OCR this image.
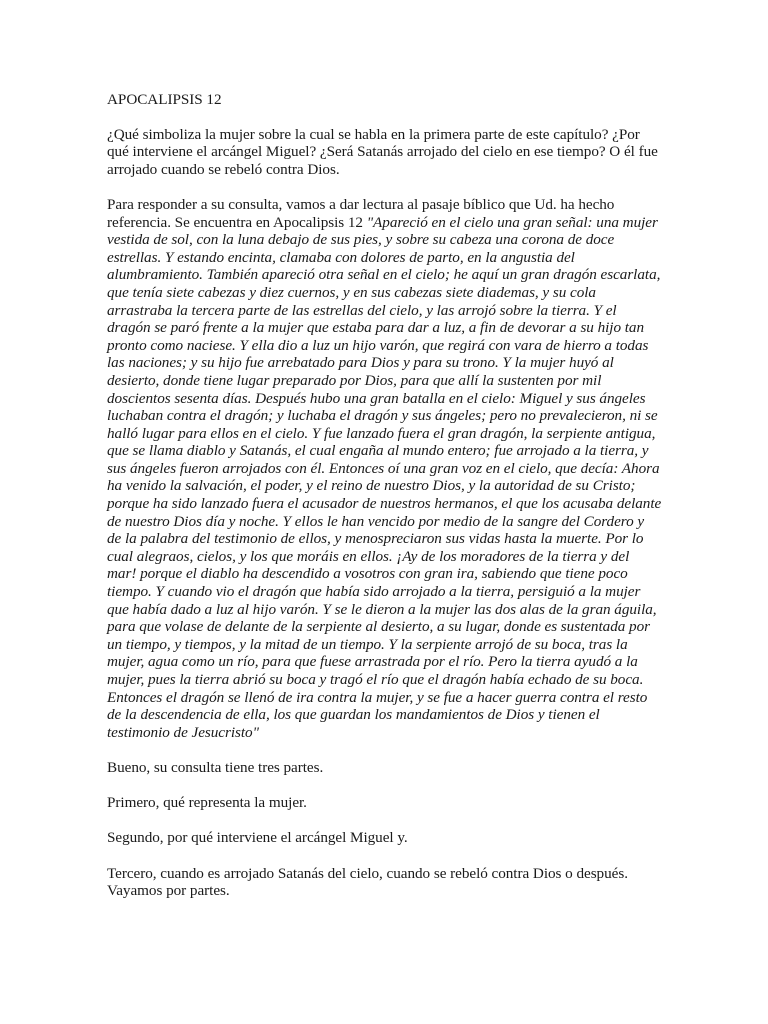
APOCALIPSIS 12

¿Qué simboliza la mujer sobre la cual se habla en la primera parte de este capítulo? ¿Por qué interviene el arcángel Miguel? ¿Será Satanás arrojado del cielo en ese tiempo? O él fue arrojado cuando se rebeló contra Dios.

Para responder a su consulta, vamos a dar lectura al pasaje bíblico que Ud. ha hecho referencia. Se encuentra en Apocalipsis 12 "Apareció en el cielo una gran señal: una mujer vestida de sol, con la luna debajo de sus pies, y sobre su cabeza una corona de doce estrellas. Y estando encinta, clamaba con dolores de parto, en la angustia del alumbramiento. También apareció otra señal en el cielo; he aquí un gran dragón escarlata, que tenía siete cabezas y diez cuernos, y en sus cabezas siete diademas, y su cola arrastraba la tercera parte de las estrellas del cielo, y las arrojó sobre la tierra. Y el dragón se paró frente a la mujer que estaba para dar a luz, a fin de devorar a su hijo tan pronto como naciese. Y ella dio a luz un hijo varón, que regirá con vara de hierro a todas las naciones; y su hijo fue arrebatado para Dios y para su trono. Y la mujer huyó al desierto, donde tiene lugar preparado por Dios, para que allí la sustenten por mil doscientos sesenta días. Después hubo una gran batalla en el cielo: Miguel y sus ángeles luchaban contra el dragón; y luchaba el dragón y sus ángeles; pero no prevalecieron, ni se halló lugar para ellos en el cielo. Y fue lanzado fuera el gran dragón, la serpiente antigua, que se llama diablo y Satanás, el cual engaña al mundo entero; fue arrojado a la tierra, y sus ángeles fueron arrojados con él. Entonces oí una gran voz en el cielo, que decía: Ahora ha venido la salvación, el poder, y el reino de nuestro Dios, y la autoridad de su Cristo; porque ha sido lanzado fuera el acusador de nuestros hermanos, el que los acusaba delante de nuestro Dios día y noche. Y ellos le han vencido por medio de la sangre del Cordero y de la palabra del testimonio de ellos, y menospreciaron sus vidas hasta la muerte. Por lo cual alegraos, cielos, y los que moráis en ellos. ¡Ay de los moradores de la tierra y del mar! porque el diablo ha descendido a vosotros con gran ira, sabiendo que tiene poco tiempo. Y cuando vio el dragón que había sido arrojado a la tierra, persiguió a la mujer que había dado a luz al hijo varón. Y se le dieron a la mujer las dos alas de la gran águila, para que volase de delante de la serpiente al desierto, a su lugar, donde es sustentada por un tiempo, y tiempos, y la mitad de un tiempo. Y la serpiente arrojó de su boca, tras la mujer, agua como un río, para que fuese arrastrada por el río. Pero la tierra ayudó a la mujer, pues la tierra abrió su boca y tragó el río que el dragón había echado de su boca. Entonces el dragón se llenó de ira contra la mujer, y se fue a hacer guerra contra el resto de la descendencia de ella, los que guardan los mandamientos de Dios y tienen el testimonio de Jesucristo"

Bueno, su consulta tiene tres partes.

Primero, qué representa la mujer.

Segundo, por qué interviene el arcángel Miguel y.

Tercero, cuando es arrojado Satanás del cielo, cuando se rebeló contra Dios o después. Vayamos por partes.
